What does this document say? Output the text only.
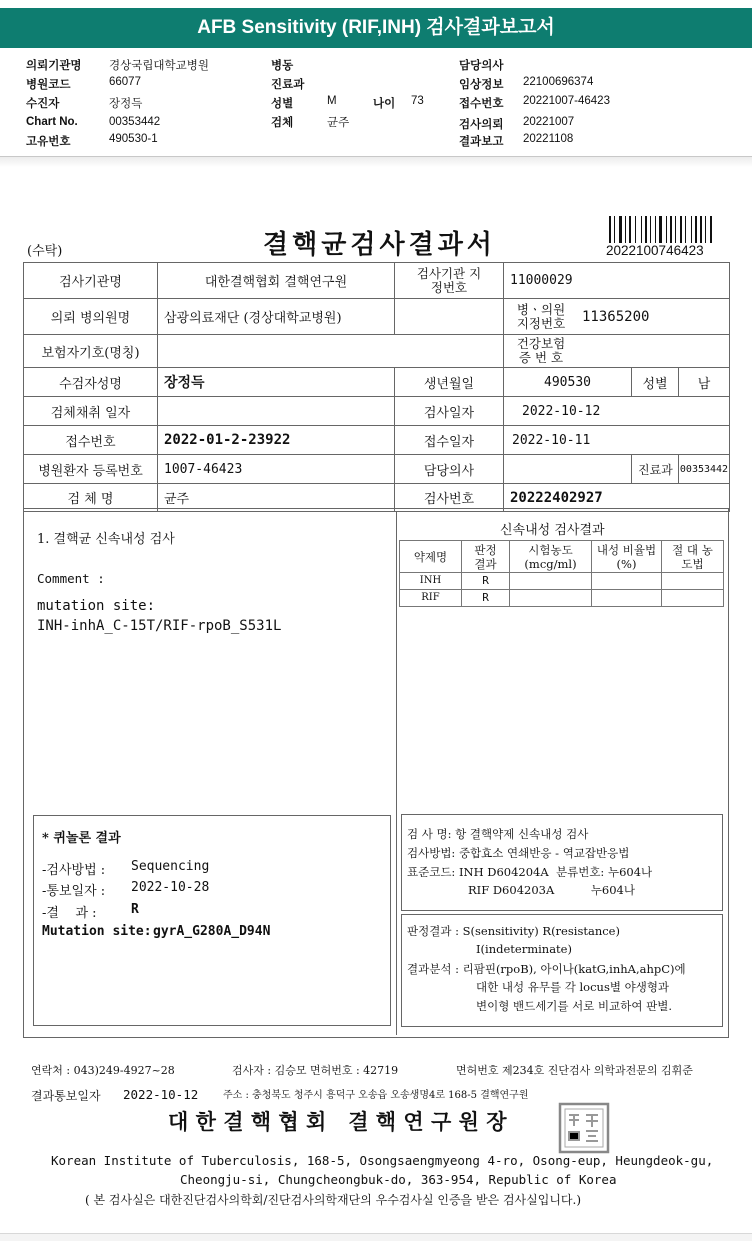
AFB Sensitivity (RIF,INH) 검사결과보고서
의뢰기관명 경상국립대학교병원
병원코드	66077
수진자	장정득
Chart No.	00353442
고유번호	490530-1
병동
진료과
성별	M	나이 73
검체	균주
담당의사
임상정보 22100696374
접수번호 20221007-46423
검사의뢰 20221007
결과보고 20221108
(수탁)	결핵균검사결과서	2022100746423
검사기관명	대한결핵협회 결핵연구원	검사기관 지정번호	11000029		
의뢰 병의원명	삼광의료재단 (경상대학교병원)		병ㆍ의원 지정번호 11365200		

보험자기호(명칭)			건강보험 증 번 호		

수검자성명	장정득	생년월일	490530	성별	남
검체채취 일자		검사일자	2022-10-12		
접수번호	2022-01-2-23922	접수일자	2022-10-11		
병원환자 등록번호	1007-46423	담당의사		진료과	00353442
검 체 명	균주	검사번호	20222402927		
1. 결핵균 신속내성 검사
Comment :
mutation site:
INH-inhA_C-15T/RIF-rpoB_S531L
신속내성 검사결과
약제명	판정 결과	시험농도 (mcg/ml)	내성 비율법(%)	절 대 농도법

INH	R			
RIF	R			
* 퀴놀론 결과
-검사방법 : Sequencing
-통보일자 : 2022-10-28
-결    과 :	R
Mutation site: gyrA_G280A_D94N
검 사 명: 항 결핵약제 신속내성 검사
검사방법: 중합효소 연쇄반응 - 역교잡반응법
표준코드: INH D604204A  분류번호: 누604나
RIF D604203A          누604나
판정결과 : S(sensitivity) R(resistance)
I(indeterminate)
결과분석 : 리팜핀(rpoB), 아이나(katG,inhA,ahpC)에
대한 내성 유무를 각 locus별 야생형과
변이형 밴드세기를 서로 비교하여 판별.
연락처 : 043)249-4927~28	검사자 : 김승모 면허번호 : 42719	면허번호 제234호 진단검사 의학과전문의 김휘준
결과통보일자 2022-10-12 주소 : 충청북도 청주시 흥덕구 오송읍 오송생명4로 168-5 결핵연구원
대 한 결 핵 협 회   결 핵 연 구 원 장
Korean Institute of Tuberculosis, 168-5, Osongsaengmyeong 4-ro, Osong-eup, Heungdeok-gu,
Cheongju-si, Chungcheongbuk-do, 363-954, Republic of Korea
( 본 검사실은 대한진단검사의학회/진단검사의학재단의 우수검사실 인증을 받은 검사실입니다.)
